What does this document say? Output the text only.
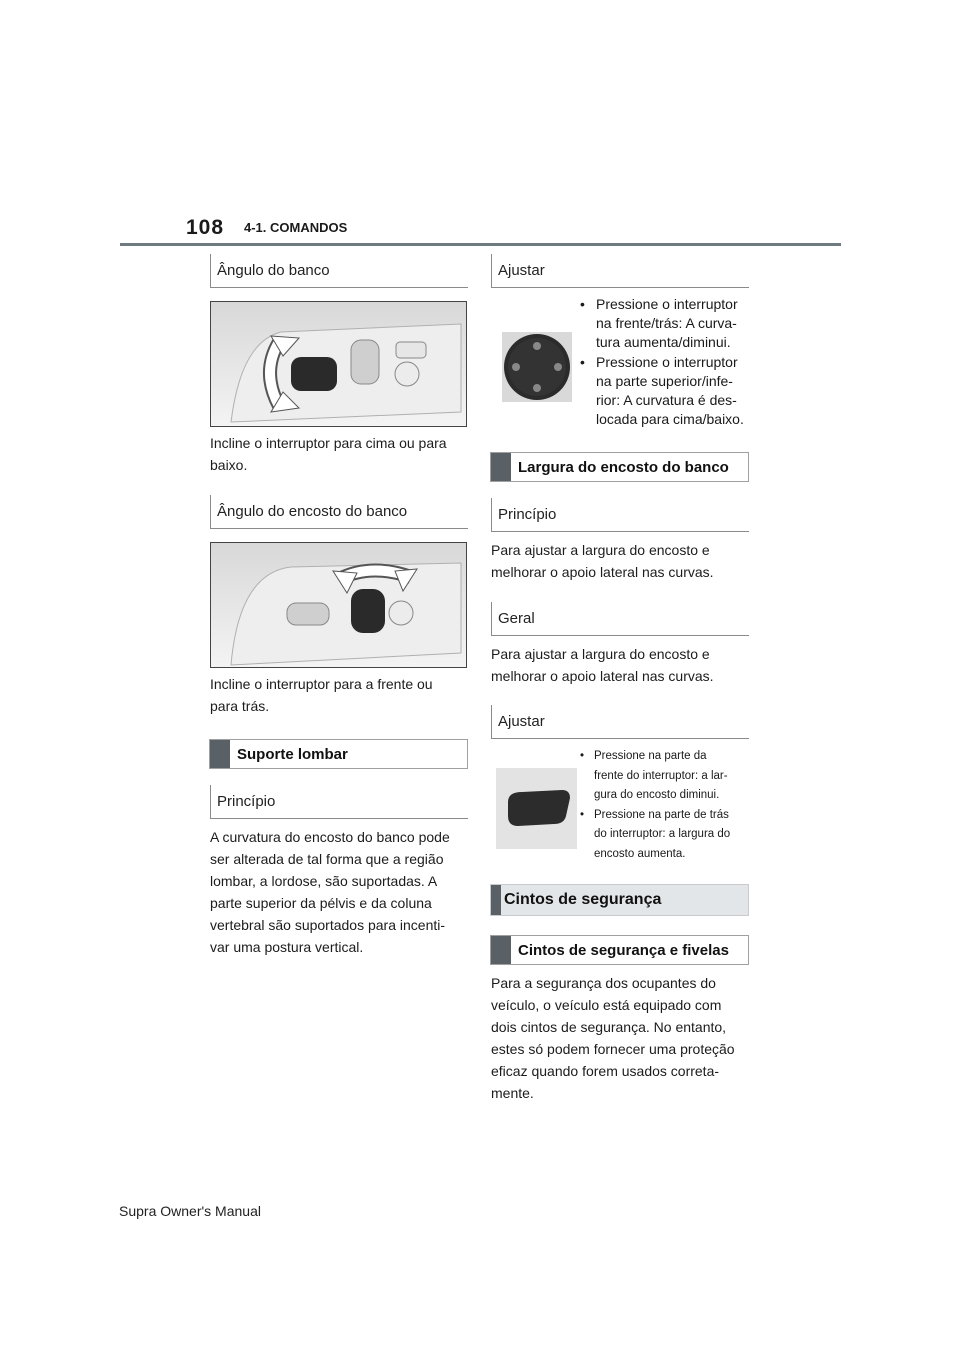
108 4-1. COMANDOS
Ângulo do banco
Incline o interruptor para cima ou para
baixo.
Ângulo do encosto do banco
Incline o interruptor para a frente ou
para trás.
Suporte lombar
Princípio
A curvatura do encosto do banco pode
ser alterada de tal forma que a região
lombar, a lordose, são suportadas. A
parte superior da pélvis e da coluna
vertebral são suportados para incenti-
var uma postura vertical.
Ajustar
• Pressione o interruptor
na frente/trás: A curva-
tura aumenta/diminui.
• Pressione o interruptor
na parte superior/infe-
rior: A curvatura é des-
locada para cima/baixo.
Largura do encosto do banco
Princípio
Para ajustar a largura do encosto e
melhorar o apoio lateral nas curvas.
Geral
Para ajustar a largura do encosto e
melhorar o apoio lateral nas curvas.
Ajustar
• Pressione na parte da
frente do interruptor: a lar-
gura do encosto diminui.
• Pressione na parte de trás
do interruptor: a largura do
encosto aumenta.
Cintos de segurança
Cintos de segurança e fivelas
Para a segurança dos ocupantes do
veículo, o veículo está equipado com
dois cintos de segurança. No entanto,
estes só podem fornecer uma proteção
eficaz quando forem usados correta-
mente.
Supra Owner's Manual
